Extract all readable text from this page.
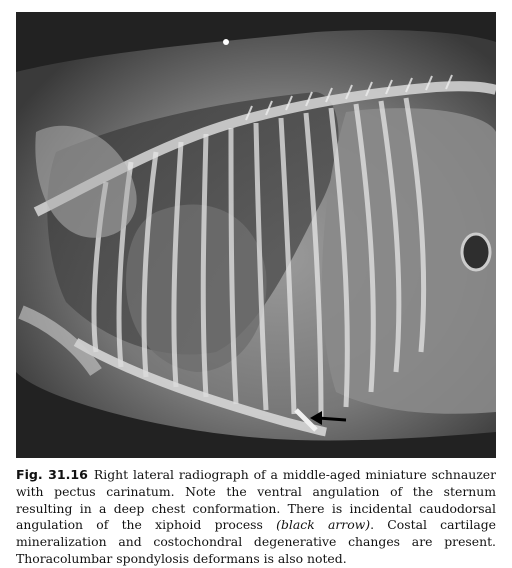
Fig. 31.16 Right lateral radiograph of a middle-aged miniature schnauzer with pectus carinatum. Note the ventral angulation of the sternum resulting in a deep chest conformation. There is incidental caudodorsal angulation of the xiphoid process (black arrow). Costal cartilage mineralization and costochondral degenerative changes are present. Thoracolumbar spondylosis deformans is also noted.
